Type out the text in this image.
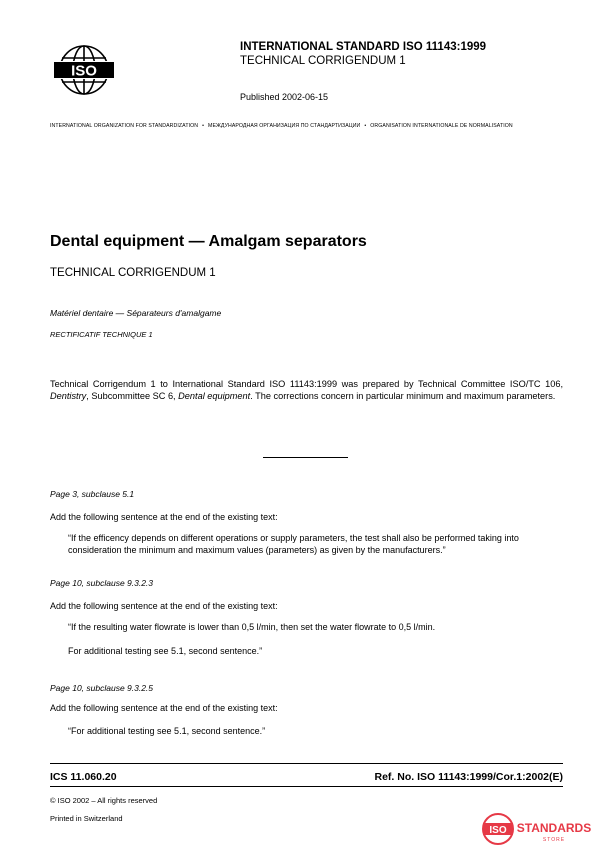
ISO
INTERNATIONAL STANDARD ISO 11143:1999
TECHNICAL CORRIGENDUM 1
Published 2002-06-15
INTERNATIONAL ORGANIZATION FOR STANDARDIZATION • МЕЖДУНАРОДНАЯ ОРГАНИЗАЦИЯ ПО СТАНДАРТИЗАЦИИ • ORGANISATION INTERNATIONALE DE NORMALISATION
Dental equipment — Amalgam separators
TECHNICAL CORRIGENDUM 1
Matériel dentaire — Séparateurs d'amalgame
RECTIFICATIF TECHNIQUE 1
Technical Corrigendum 1 to International Standard ISO 11143:1999 was prepared by Technical Committee ISO/TC 106, Dentistry, Subcommittee SC 6, Dental equipment. The corrections concern in particular minimum and maximum parameters.
Page 3, subclause 5.1
Add the following sentence at the end of the existing text:
“If the efficency depends on different operations or supply parameters, the test shall also be performed taking into consideration the minimum and maximum values (parameters) as given by the manufacturers.”
Page 10, subclause 9.3.2.3
Add the following sentence at the end of the existing text:
“If the resulting water flowrate is lower than 0,5 l/min, then set the water flowrate to 0,5 l/min.
For additional testing see 5.1, second sentence.”
Page 10, subclause 9.3.2.5
Add the following sentence at the end of the existing text:
“For additional testing see 5.1, second sentence.”
ICS 11.060.20	Ref. No. ISO 11143:1999/Cor.1:2002(E)
© ISO 2002 – All rights reserved
Printed in Switzerland
ISO STANDARDS
STORE
